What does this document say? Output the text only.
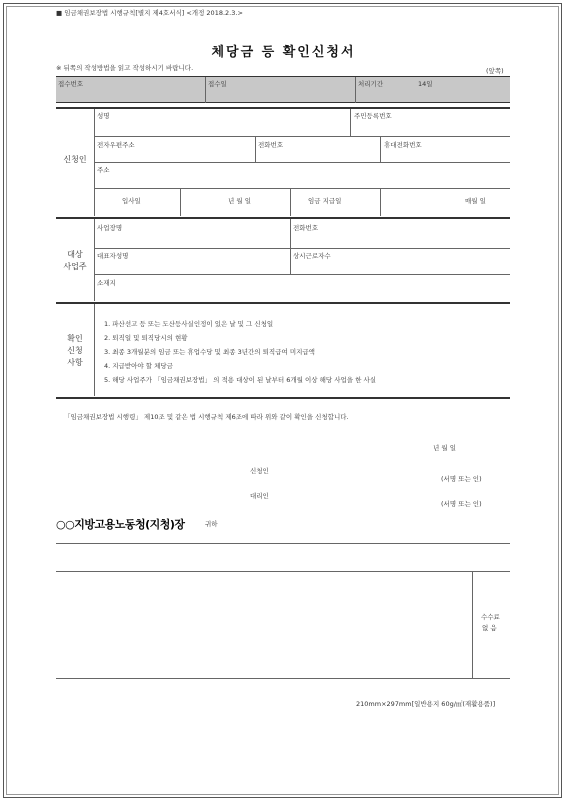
■ 임금채권보장법 시행규칙[별지 제4호서식] <개정 2018.2.3.>
체당금 등 확인신청서
※ 뒤쪽의 작성방법을 읽고 작성하시기 바랍니다.	(앞쪽)
접수번호	접수일	처리기간	14일
신청인
성명	주민등록번호
전자우편주소	전화번호	휴대전화번호
주소
입사일	년 월 일	임금 지급일	매월 일
대상
사업주
사업장명	전화번호
대표자성명	상시근로자수
소재지
확인
신청
사항
1. 파산선고 등 또는 도산등사실인정이 있은 날 및 그 신청일
2. 퇴직일 및 퇴직당시의 현황
3. 최종 3개월분의 임금 또는 휴업수당 및 최종 3년간의 퇴직급여 미지급액
4. 지급받아야 할 체당금
5. 해당 사업주가 「임금채권보장법」 의 적용 대상이 된 날부터 6개월 이상 해당 사업을 한 사실
「임금채권보장법 시행령」 제10조 및 같은 법 시행규칙 제6조에 따라 위와 같이 확인을 신청합니다.
년 월 일
신청인
(서명 또는 인)
대리인
(서명 또는 인)
○○지방고용노동청(지청)장	귀하
수수료
없 음
210mm×297mm[일반용지 60g/㎡(재활용품)]
